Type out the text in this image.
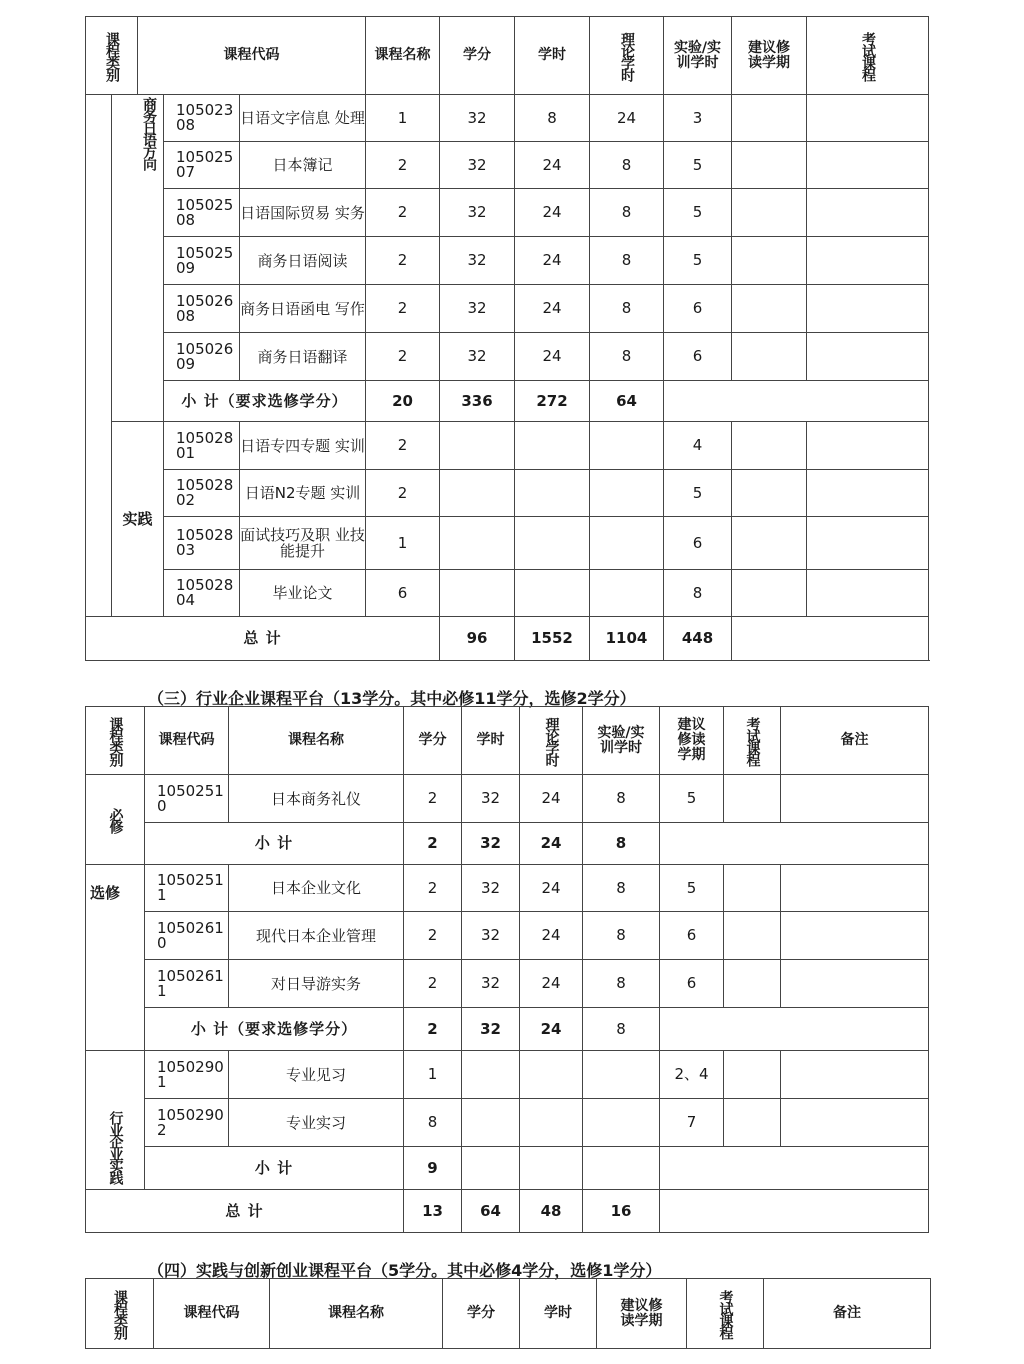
课程类别		课程代码			课程名称	学分	学时	理论学时	实验/实训学时	建议修读学期	考试课程

	商务日语方向		10502308	日语文字信息 处理	1	32	8	24	3			
			10502507	日本簿记	2	32	24	8	5			
			10502508	日语国际贸易 实务	2	32	24	8	5			
			10502509	商务日语阅读	2	32	24	8	5			
			10502608	商务日语函电 写作	2	32	24	8	6			
			10502609	商务日语翻译	2	32	24	8	6			
			小 计（要求选修学分）		20	336	272	64				
	实践		10502801	日语专四专题 实训	2				4			
			10502802	日语N2专题 实训	2				5			
			10502803	面试技巧及职 业技能提升	1				6			
			10502804	毕业论文	6				8			
总 计						96	1552	1104	448			
（三）行业企业课程平台（13学分。其中必修11学分，选修2学分）
课程类别	课程代码	课程名称	学分	学时	理论学时	实验/实训学时	建议修读学期	考试课程	备注

必修	10502510	日本商务礼仪	2	32	24	8	5		
	小 计		2	32	24	8			
选修	10502511	日本企业文化	2	32	24	8	5		
	10502610	现代日本企业管理	2	32	24	8	6		
	10502611	对日导游实务	2	32	24	8	6		
	小 计（要求选修学分）		2	32	24	8			

行业企业实践	10502901	专业见习	1				2、4		
	10502902	专业实习	8				7		
	小 计		9						
总 计			13	64	48	16			
（四）实践与创新创业课程平台（5学分。其中必修4学分，选修1学分）
课程类别	课程代码	课程名称	学分	学时	建议修读学期	考试课程	备注
